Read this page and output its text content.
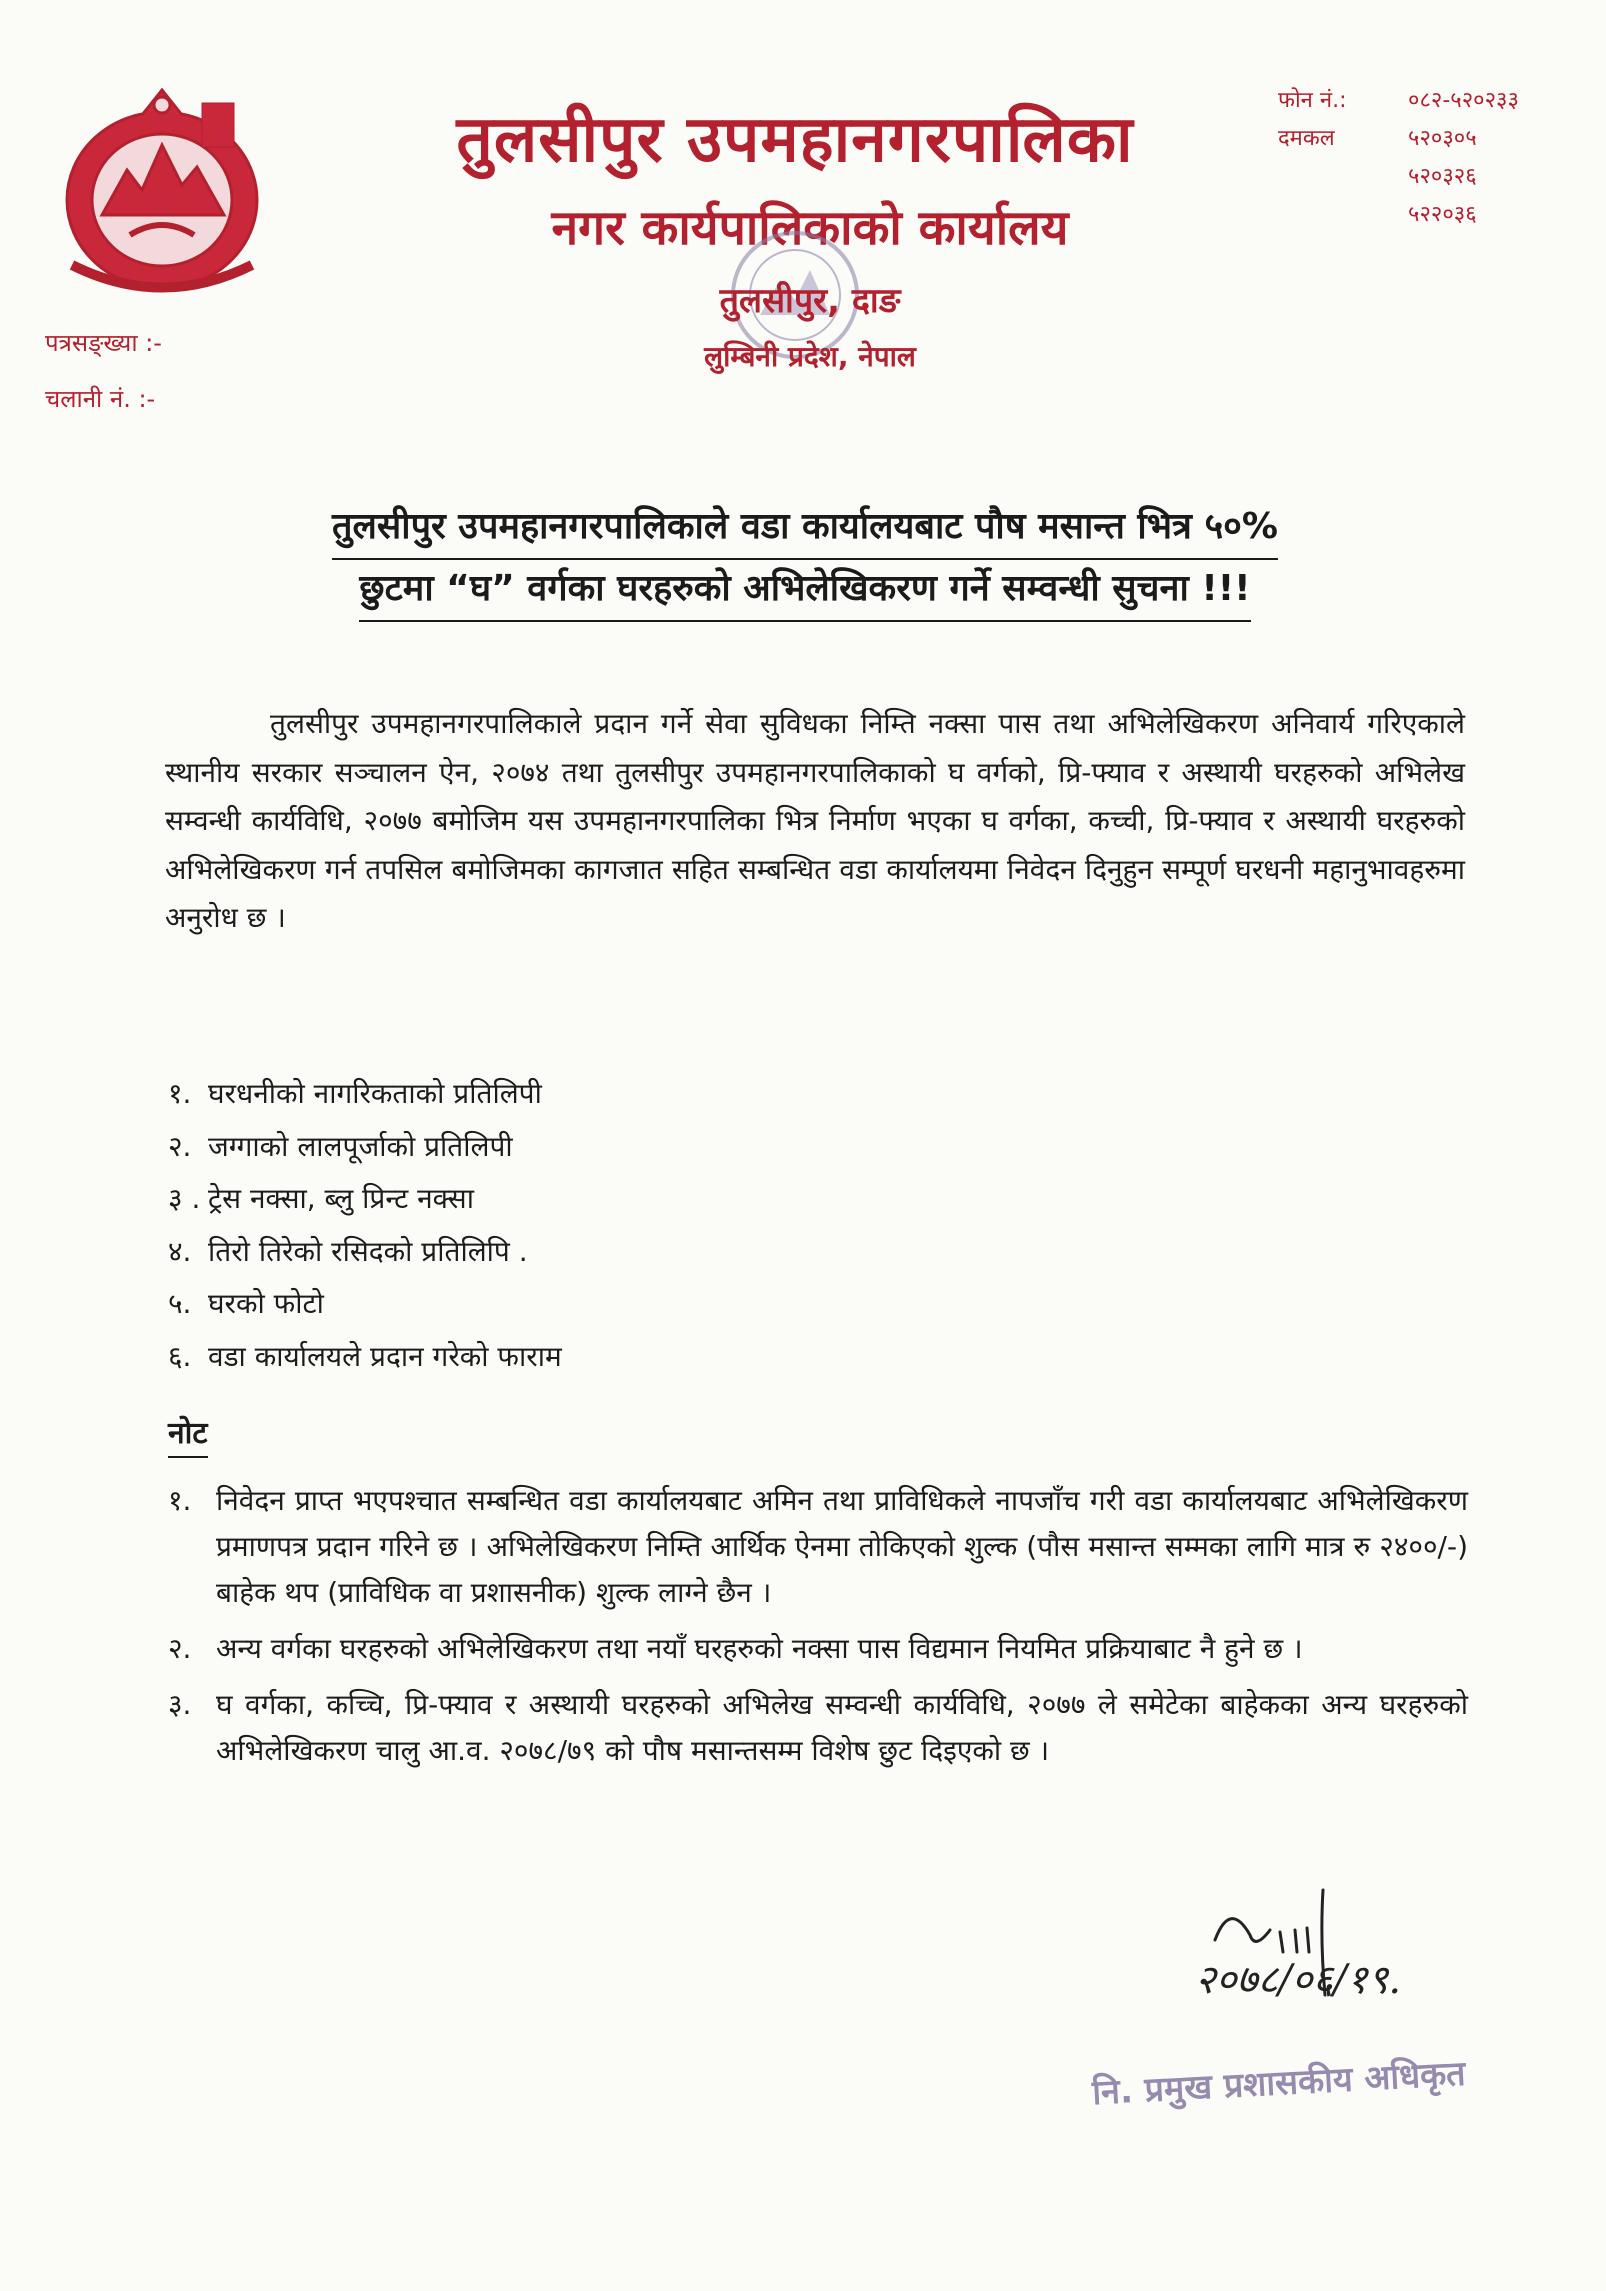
तुलसीपुर उपमहानगरपालिका
नगर कार्यपालिकाको कार्यालय
तुलसीपुर, दाङ
लुम्बिनी प्रदेश, नेपाल
फोन नं.:	०८२-५२०२३३
दमकल	५२०३०५
५२०३२६
५२२०३६
पत्रसङ्ख्या :-
चलानी नं. :-
तुलसीपुर उपमहानगरपालिकाले वडा कार्यालयबाट पौष मसान्त भित्र ५०%
छुटमा “घ” वर्गका घरहरुको अभिलेखिकरण गर्ने सम्वन्धी सुचना !!!

तुलसीपुर उपमहानगरपालिकाले प्रदान गर्ने सेवा सुविधका निम्ति नक्सा पास तथा अभिलेखिकरण अनिवार्य गरिएकाले स्थानीय सरकार सञ्चालन ऐन, २०७४ तथा तुलसीपुर उपमहानगरपालिकाको घ वर्गको, प्रि-फ्याव र अस्थायी घरहरुको अभिलेख सम्वन्धी कार्यविधि, २०७७ बमोजिम यस उपमहानगरपालिका भित्र निर्माण भएका घ वर्गका, कच्ची, प्रि-फ्याव र अस्थायी घरहरुको अभिलेखिकरण गर्न तपसिल बमोजिमका कागजात सहित सम्बन्धित वडा कार्यालयमा निवेदन दिनुहुन सम्पूर्ण घरधनी महानुभावहरुमा अनुरोध छ ।

१. घरधनीको नागरिकताको प्रतिलिपी
२. जग्गाको लालपूर्जाको प्रतिलिपी
३ . ट्रेस नक्सा, ब्लु प्रिन्ट नक्सा
४. तिरो तिरेको रसिदको प्रतिलिपि .
५. घरको फोटो
६. वडा कार्यालयले प्रदान गरेको फाराम
नोट
१. निवेदन प्राप्त भएपश्चात सम्बन्धित वडा कार्यालयबाट अमिन तथा प्राविधिकले नापजाँच गरी वडा कार्यालयबाट अभिलेखिकरण प्रमाणपत्र प्रदान गरिने छ । अभिलेखिकरण निम्ति आर्थिक ऐनमा तोकिएको शुल्क (पौस मसान्त सम्मका लागि मात्र रु २४००/-) बाहेक थप (प्राविधिक वा प्रशासनीक) शुल्क लाग्ने छैन ।
२. अन्य वर्गका घरहरुको अभिलेखिकरण तथा नयाँ घरहरुको नक्सा पास विद्यमान नियमित प्रक्रियाबाट नै हुने छ ।
३. घ वर्गका, कच्चि, प्रि-फ्याव र अस्थायी घरहरुको अभिलेख सम्वन्धी कार्यविधि, २०७७ ले समेटेका बाहेकका अन्य घरहरुको अभिलेखिकरण चालु आ.व. २०७८/७९ को पौष मसान्तसम्म विशेष छुट दिइएको छ ।
२०७८/०६/१९.
नि. प्रमुख प्रशासकीय अधिकृत
